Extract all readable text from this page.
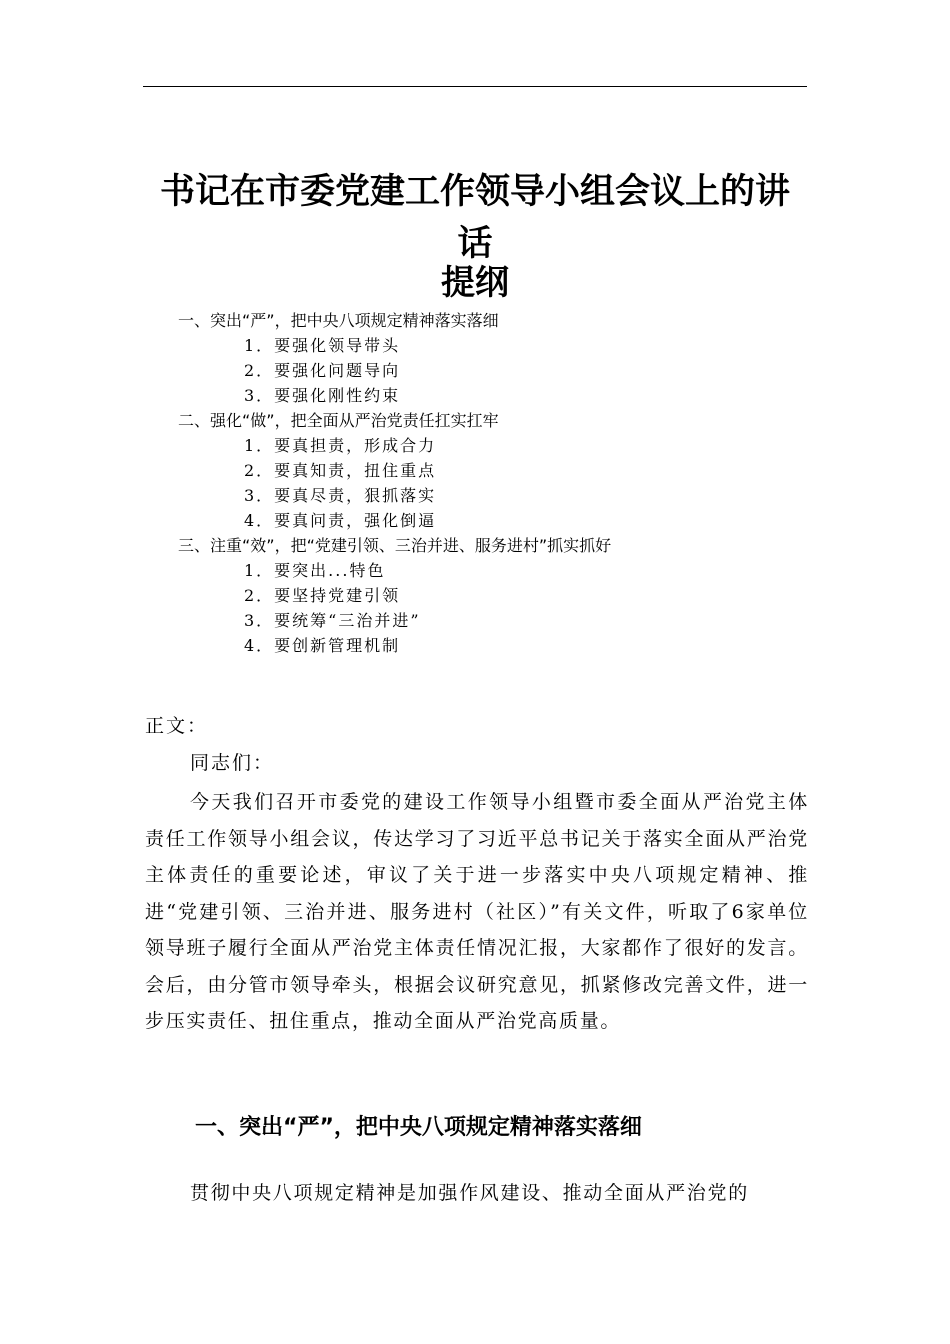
书记在市委党建工作领导小组会议上的讲话
提纲
一、突出“严”，把中央八项规定精神落实落细
1．要强化领导带头
2．要强化问题导向
3．要强化刚性约束
二、强化“做”，把全面从严治党责任扛实扛牢
1．要真担责，形成合力
2．要真知责，扭住重点
3．要真尽责，狠抓落实
4．要真问责，强化倒逼
三、注重“效”，把“党建引领、三治并进、服务进村”抓实抓好
1．要突出...特色
2．要坚持党建引领
3．要统筹“三治并进”
4．要创新管理机制
正文：
同志们：

今天我们召开市委党的建设工作领导小组暨市委全面从严治党主体责任工作领导小组会议，传达学习了习近平总书记关于落实全面从严治党主体责任的重要论述，审议了关于进一步落实中央八项规定精神、推进“党建引领、三治并进、服务进村（社区）”有关文件，听取了6家单位领导班子履行全面从严治党主体责任情况汇报，大家都作了很好的发言。会后，由分管市领导牵头，根据会议研究意见，抓紧修改完善文件，进一步压实责任、扭住重点，推动全面从严治党高质量。

一、突出“严”，把中央八项规定精神落实落细

贯彻中央八项规定精神是加强作风建设、推动全面从严治党的
